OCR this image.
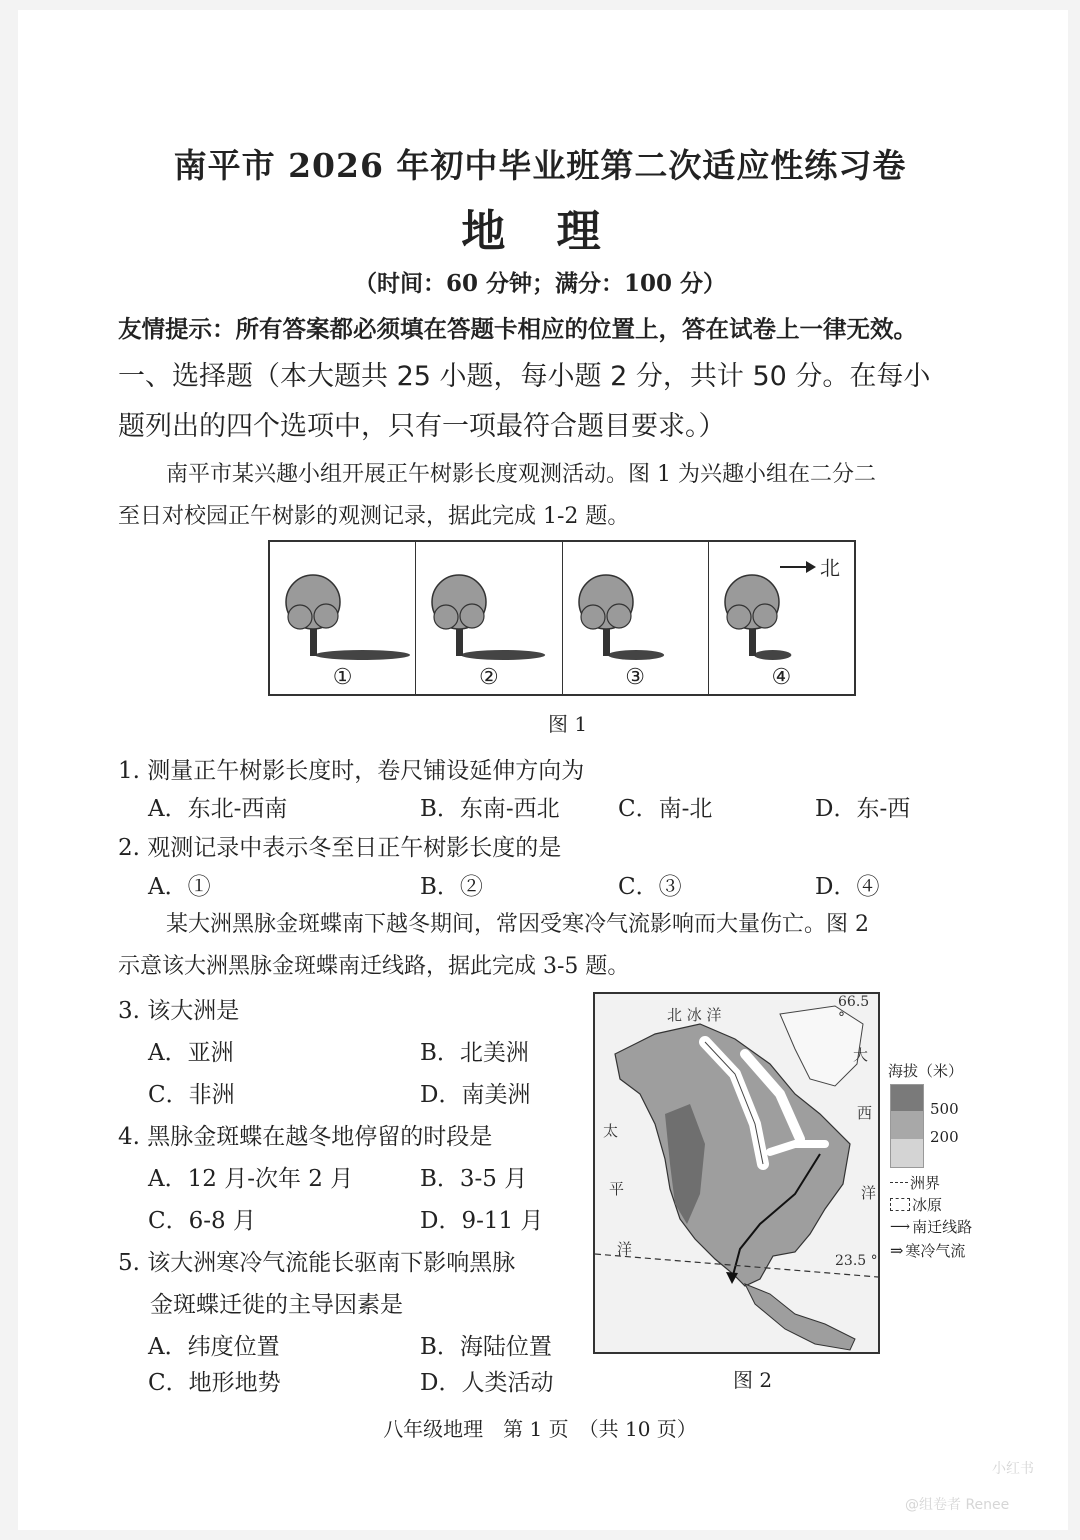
南平市 2026 年初中毕业班第二次适应性练习卷
地 理
（时间：60 分钟；满分：100 分）
友情提示：所有答案都必须填在答题卡相应的位置上，答在试卷上一律无效。
一、选择题（本大题共 25 小题，每小题 2 分，共计 50 分。在每小
题列出的四个选项中，只有一项最符合题目要求。）
南平市某兴趣小组开展正午树影长度观测活动。图 1 为兴趣小组在二分二
至日对校园正午树影的观测记录，据此完成 1-2 题。
①	②	③
北
④
图 1
1. 测量正午树影长度时，卷尺铺设延伸方向为
A．东北-西南	B．东南-西北	C．南-北	D．东-西
2. 观测记录中表示冬至日正午树影长度的是
A．①	B．②	C．③	D．④
某大洲黑脉金斑蝶南下越冬期间，常因受寒冷气流影响而大量伤亡。图 2
示意该大洲黑脉金斑蝶南迁线路，据此完成 3-5 题。
3. 该大洲是
A．亚洲	B．北美洲
C．非洲	D．南美洲
4. 黑脉金斑蝶在越冬地停留的时段是
A．12 月-次年 2 月	B．3-5 月
C．6-8 月	D．9-11 月
5. 该大洲寒冷气流能长驱南下影响黑脉
金斑蝶迁徙的主导因素是
A．纬度位置	B．海陆位置
C．地形地势	D．人类活动
北 冰 洋
66.5 °
23.5 °
太
平
洋
大
西
洋
海拔（米）
500
200
洲界
冰原
⟶ 南迁线路
⇒ 寒冷气流
图 2
八年级地理　第 1 页　（共 10 页）
小红书
@组卷者 Renee
